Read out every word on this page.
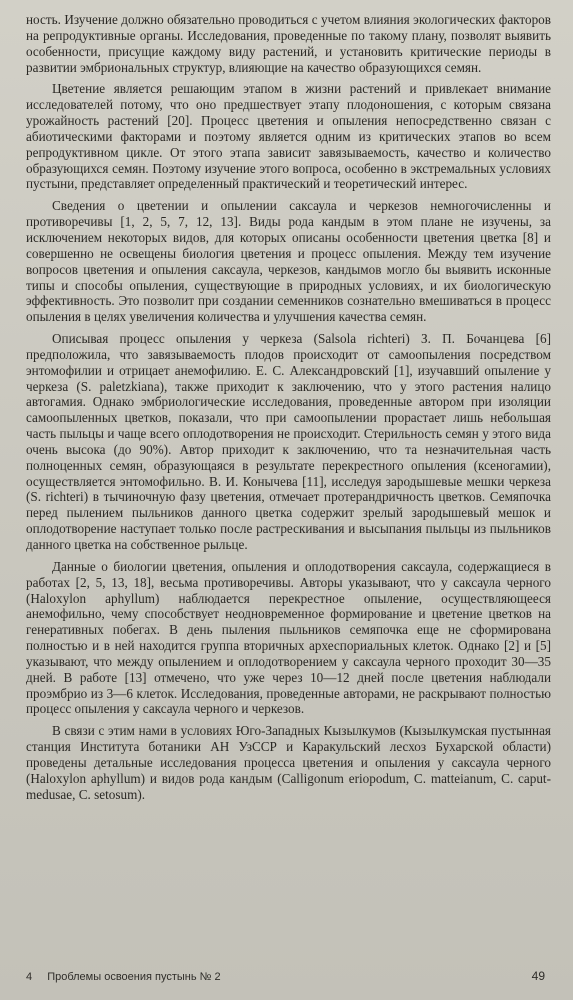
ность. Изучение должно обязательно проводиться с учетом влияния экологических факторов на репродуктивные органы. Исследования, проведенные по такому плану, позволят выявить особенности, присущие каждому виду растений, и установить критические периоды в развитии эмбриональных структур, влияющие на качество образующихся семян.

Цветение является решающим этапом в жизни растений и привлекает внимание исследователей потому, что оно предшествует этапу плодоношения, с которым связана урожайность растений [20]. Процесс цветения и опыления непосредственно связан с абиотическими факторами и поэтому является одним из критических этапов во всем репродуктивном цикле. От этого этапа зависит завязываемость, качество и количество образующихся семян. Поэтому изучение этого вопроса, особенно в экстремальных условиях пустыни, представляет определенный практический и теоретический интерес.

Сведения о цветении и опылении саксаула и черкезов немногочисленны и противоречивы [1, 2, 5, 7, 12, 13]. Виды рода кандым в этом плане не изучены, за исключением некоторых видов, для которых описаны особенности цветения цветка [8] и совершенно не освещены биология цветения и процесс опыления. Между тем изучение вопросов цветения и опыления саксаула, черкезов, кандымов могло бы выявить исконные типы и способы опыления, существующие в природных условиях, и их биологическую эффективность. Это позволит при создании семенников сознательно вмешиваться в процесс опыления в целях увеличения количества и улучшения качества семян.

Описывая процесс опыления у черкеза (Salsola richteri) З. П. Бочанцева [6] предположила, что завязываемость плодов происходит от самоопыления посредством энтомофилии и отрицает анемофилию. Е. С. Александровский [1], изучавший опыление у черкеза (S. paletzkiana), также приходит к заключению, что у этого растения налицо автогамия. Однако эмбриологические исследования, проведенные автором при изоляции самоопыленных цветков, показали, что при самоопылении прорастает лишь небольшая часть пыльцы и чаще всего оплодотворения не происходит. Стерильность семян у этого вида очень высока (до 90%). Автор приходит к заключению, что та незначительная часть полноценных семян, образующаяся в результате перекрестного опыления (ксеногамии), осуществляется энтомофильно. В. И. Конычева [11], исследуя зародышевые мешки черкеза (S. richteri) в тычиночную фазу цветения, отмечает протерандричность цветков. Семяпочка перед пылением пыльников данного цветка содержит зрелый зародышевый мешок и оплодотворение наступает только после растрескивания и высыпания пыльцы из пыльников данного цветка на собственное рыльце.

Данные о биологии цветения, опыления и оплодотворения саксаула, содержащиеся в работах [2, 5, 13, 18], весьма противоречивы. Авторы указывают, что у саксаула черного (Haloxylon aphyllum) наблюдается перекрестное опыление, осуществляющееся анемофильно, чему способствует неодновременное формирование и цветение цветков на генеративных побегах. В день пыления пыльников семяпочка еще не сформирована полностью и в ней находится группа вторичных археспориальных клеток. Однако [2] и [5] указывают, что между опылением и оплодотворением у саксаула черного проходит 30—35 дней. В работе [13] отмечено, что уже через 10—12 дней после цветения наблюдали проэмбрио из 3—6 клеток. Исследования, проведенные авторами, не раскрывают полностью процесс опыления у саксаула черного и черкезов.

В связи с этим нами в условиях Юго-Западных Кызылкумов (Кызылкумская пустынная станция Института ботаники АН УзССР и Каракульский лесхоз Бухарской области) проведены детальные исследования процесса цветения и опыления у саксаула черного (Haloxylon aphyllum) и видов рода кандым (Calligonum eriopodum, C. matteianum, C. caput-medusae, C. setosum).

4 Проблемы освоения пустынь № 2	49
